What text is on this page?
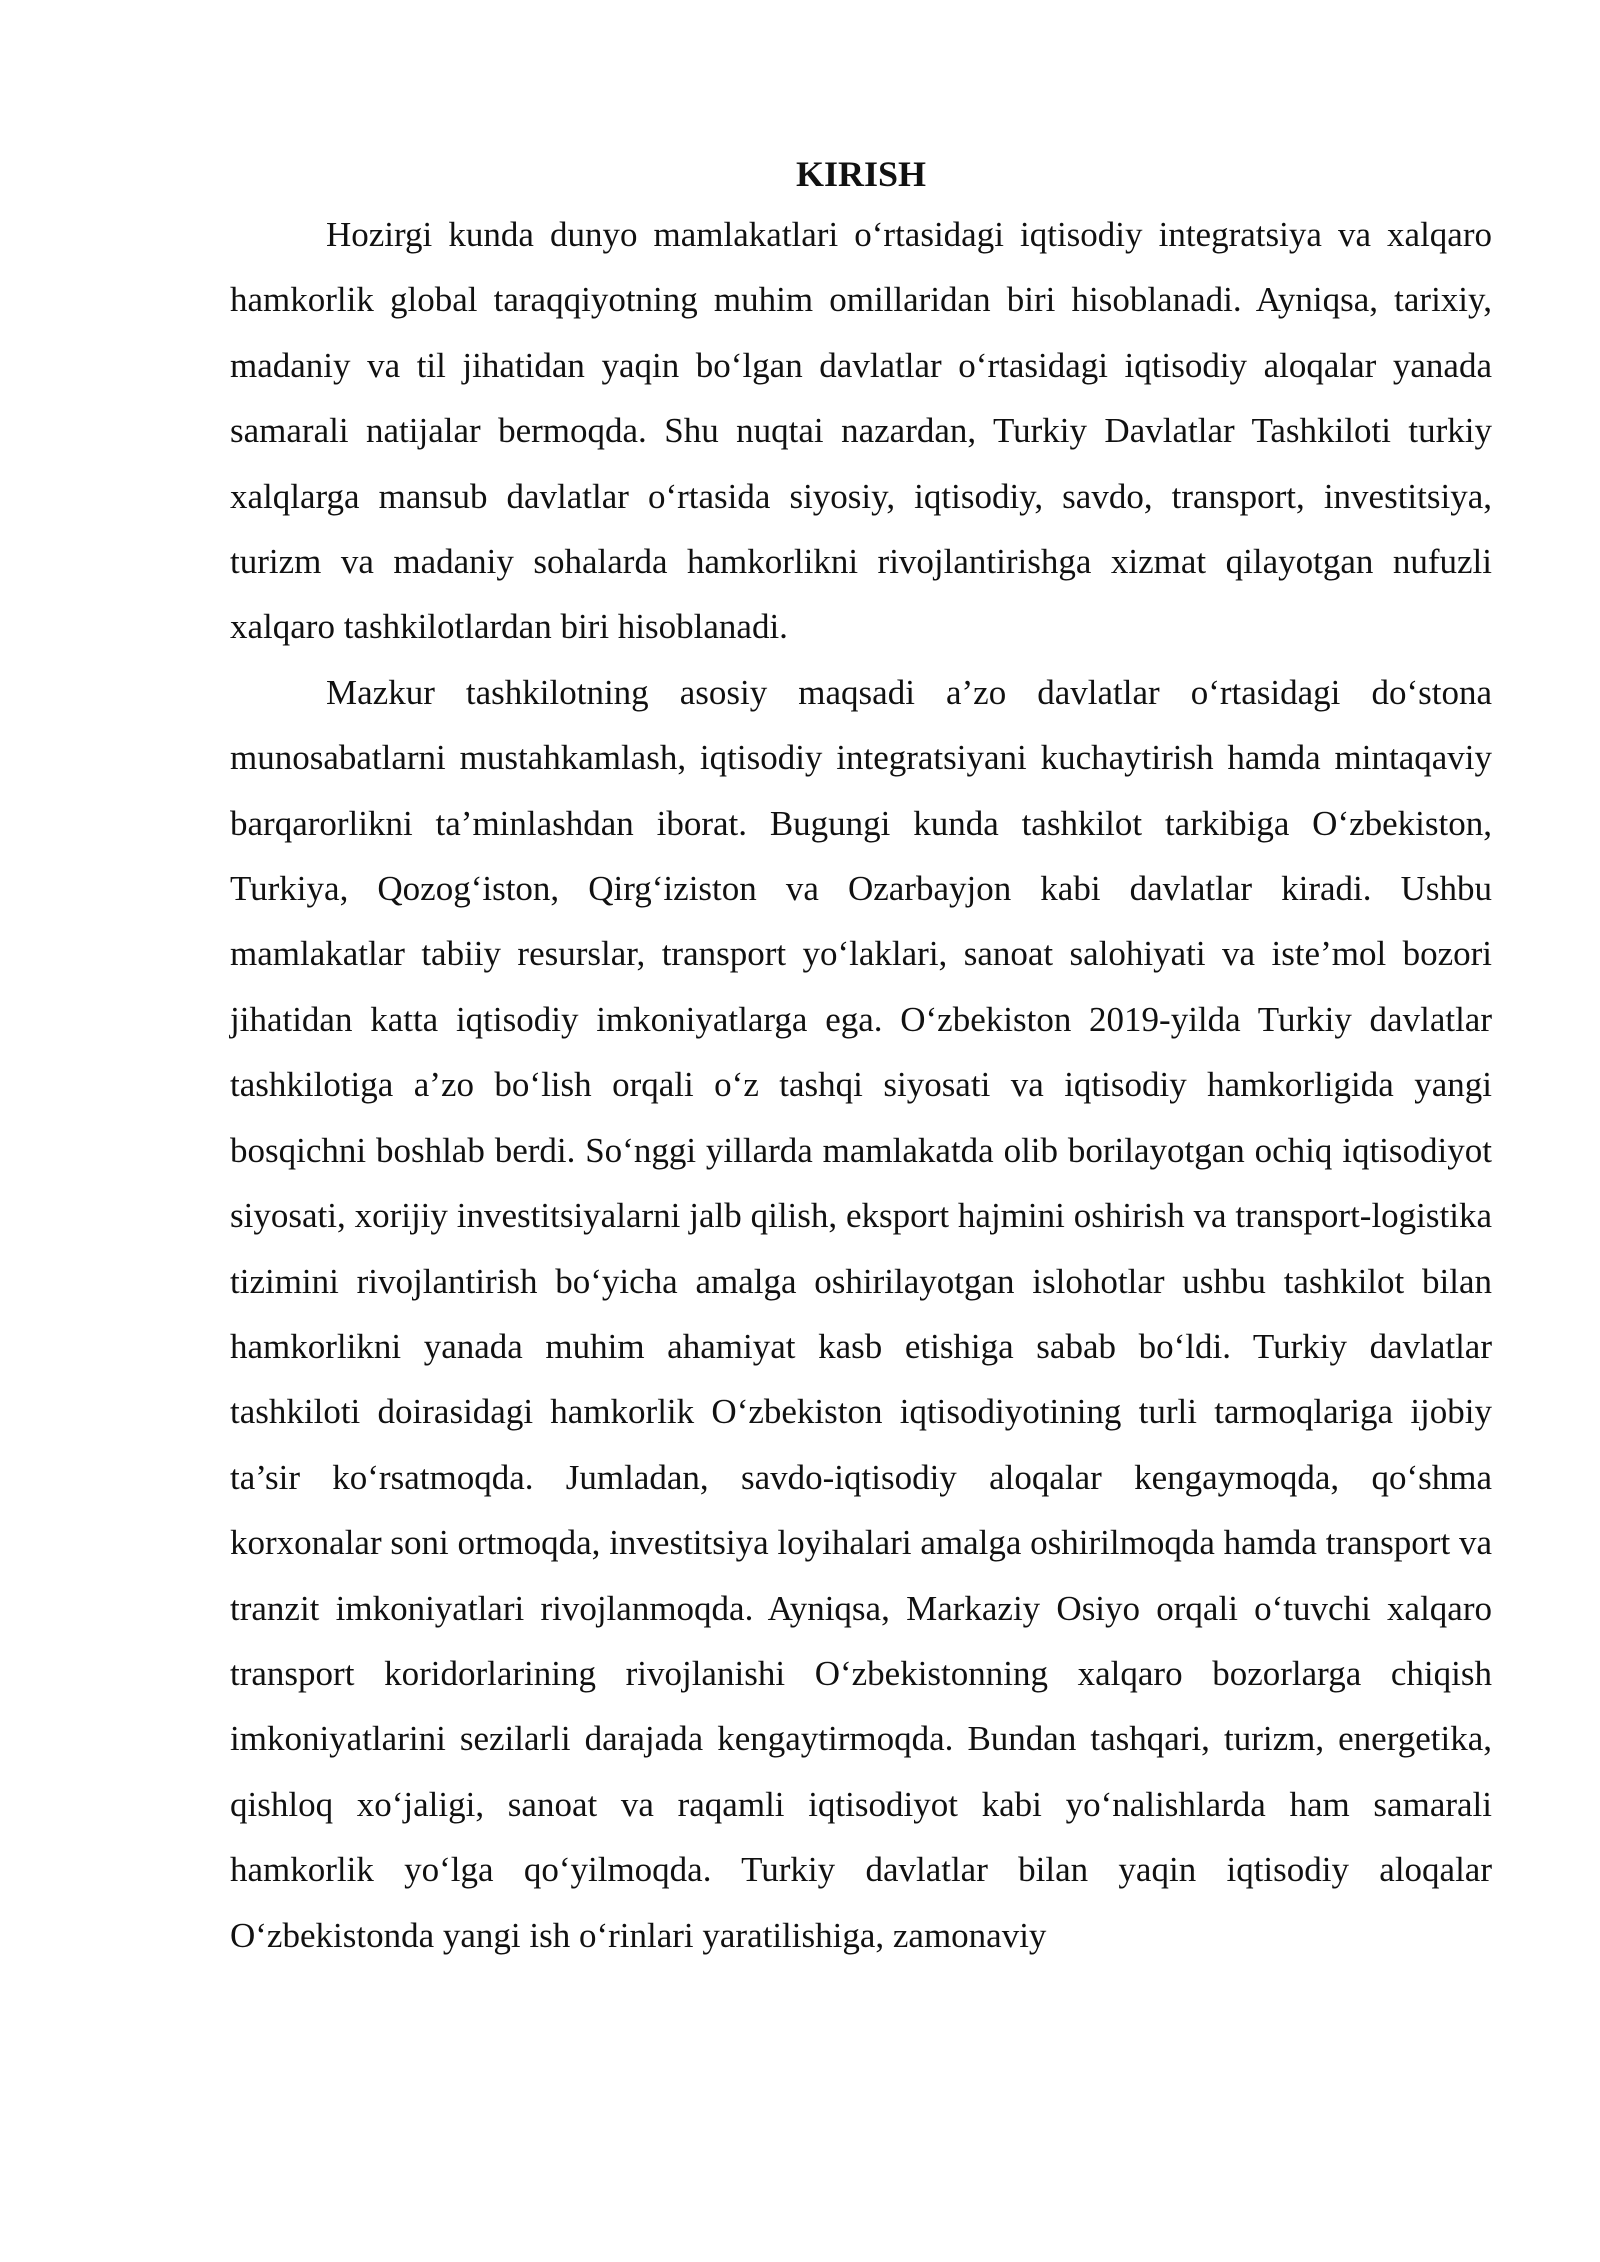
KIRISH

Hozirgi kunda dunyo mamlakatlari o‘rtasidagi iqtisodiy integratsiya va xalqaro hamkorlik global taraqqiyotning muhim omillaridan biri hisoblanadi. Ayniqsa, tarixiy, madaniy va til jihatidan yaqin bo‘lgan davlatlar o‘rtasidagi iqtisodiy aloqalar yanada samarali natijalar bermoqda. Shu nuqtai nazardan, Turkiy Davlatlar Tashkiloti turkiy xalqlarga mansub davlatlar o‘rtasida siyosiy, iqtisodiy, savdo, transport, investitsiya, turizm va madaniy sohalarda hamkorlikni rivojlantirishga xizmat qilayotgan nufuzli xalqaro tashkilotlardan biri hisoblanadi.

Mazkur tashkilotning asosiy maqsadi a’zo davlatlar o‘rtasidagi do‘stona munosabatlarni mustahkamlash, iqtisodiy integratsiyani kuchaytirish hamda mintaqaviy barqarorlikni ta’minlashdan iborat. Bugungi kunda tashkilot tarkibiga O‘zbekiston, Turkiya, Qozog‘iston, Qirg‘iziston va Ozarbayjon kabi davlatlar kiradi. Ushbu mamlakatlar tabiiy resurslar, transport yo‘laklari, sanoat salohiyati va iste’mol bozori jihatidan katta iqtisodiy imkoniyatlarga ega. O‘zbekiston 2019-yilda Turkiy davlatlar tashkilotiga a’zo bo‘lish orqali o‘z tashqi siyosati va iqtisodiy hamkorligida yangi bosqichni boshlab berdi. So‘nggi yillarda mamlakatda olib borilayotgan ochiq iqtisodiyot siyosati, xorijiy investitsiyalarni jalb qilish, eksport hajmini oshirish va transport-logistika tizimini rivojlantirish bo‘yicha amalga oshirilayotgan islohotlar ushbu tashkilot bilan hamkorlikni yanada muhim ahamiyat kasb etishiga sabab bo‘ldi. Turkiy davlatlar tashkiloti doirasidagi hamkorlik O‘zbekiston iqtisodiyotining turli tarmoqlariga ijobiy ta’sir ko‘rsatmoqda. Jumladan, savdo-iqtisodiy aloqalar kengaymoqda, qo‘shma korxonalar soni ortmoqda, investitsiya loyihalari amalga oshirilmoqda hamda transport va tranzit imkoniyatlari rivojlanmoqda. Ayniqsa, Markaziy Osiyo orqali o‘tuvchi xalqaro transport koridorlarining rivojlanishi O‘zbekistonning xalqaro bozorlarga chiqish imkoniyatlarini sezilarli darajada kengaytirmoqda. Bundan tashqari, turizm, energetika, qishloq xo‘jaligi, sanoat va raqamli iqtisodiyot kabi yo‘nalishlarda ham samarali hamkorlik yo‘lga qo‘yilmoqda. Turkiy davlatlar bilan yaqin iqtisodiy aloqalar O‘zbekistonda yangi ish o‘rinlari yaratilishiga, zamonaviy
